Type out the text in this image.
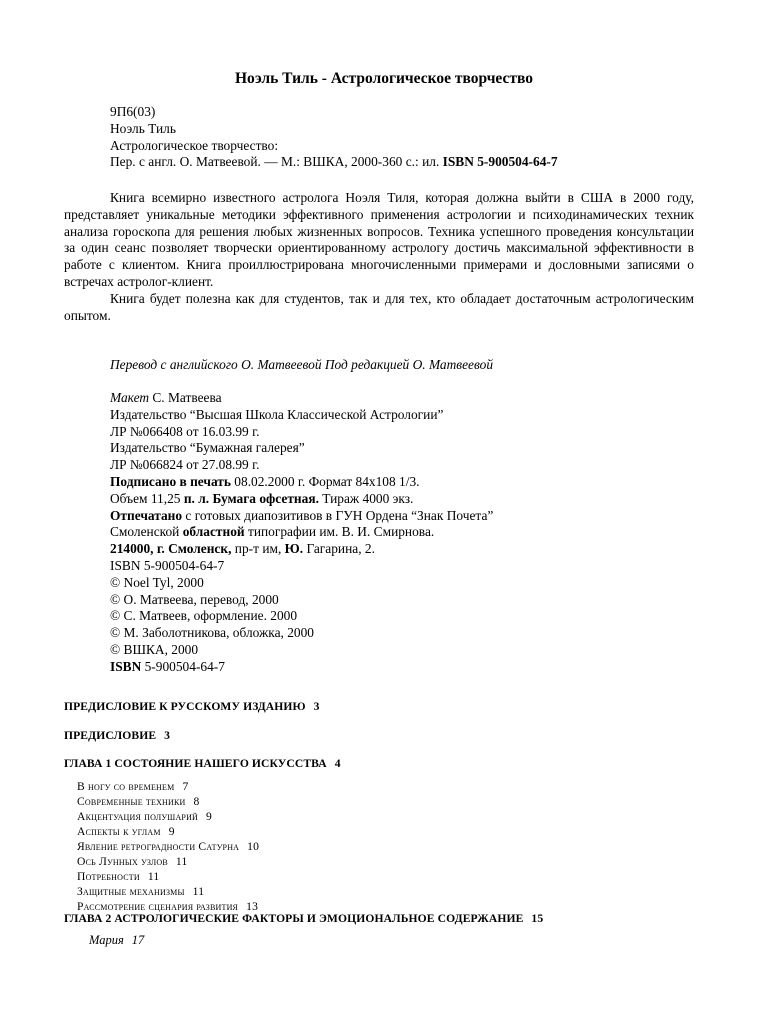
Ноэль Тиль - Астрологическое творчество
9П6(03)
Ноэль Тиль
Астрологическое творчество:
Пер. с англ. О. Матвеевой. — М.: ВШКА, 2000-360 с.: ил. ISBN 5-900504-64-7

Книга всемирно известного астролога Ноэля Тиля, которая должна выйти в США в 2000 году, представляет уникальные методики эффективного применения астрологии и психодинамических техник анализа гороскопа для решения любых жизненных вопросов. Техника успешного проведения консультации за один сеанс позволяет творчески ориентированному астрологу достичь максимальной эффективности в работе с клиентом. Книга проиллюстрирована многочисленными примерами и дословными записями о встречах астролог-клиент.

Книга будет полезна как для студентов, так и для тех, кто обладает достаточным астрологическим опытом.

Перевод с английского О. Матвеевой Под редакцией О. Матвеевой
Макет С. Матвеева
Издательство “Высшая Школа Классической Астрологии”
ЛР №066408 от 16.03.99 г.
Издательство “Бумажная галерея”
ЛР №066824 от 27.08.99 г.
Подписано в печать 08.02.2000 г. Формат 84x108 1/3.
Объем 11,25 п. л. Бумага офсетная. Тираж 4000 экз.
Отпечатано с готовых диапозитивов в ГУН Ордена “Знак Почета”
Смоленской областной типографии им. В. И. Смирнова.
214000, г. Смоленск, пр-т им, Ю. Гагарина, 2.
ISBN 5-900504-64-7
© Noel Tyl, 2000
© О. Матвеева, перевод, 2000
© С. Матвеев, оформление. 2000
© М. Заболотникова, обложка, 2000
© ВШКА, 2000
ISBN 5-900504-64-7
ПРЕДИСЛОВИЕ К РУССКОМУ ИЗДАНИЮ 3
ПРЕДИСЛОВИЕ 3
ГЛАВА 1 СОСТОЯНИЕ НАШЕГО ИСКУССТВА 4
В ногу со временем 7
Современные техники 8
Акцентуация полушарий 9
Аспекты к углам 9
Явление ретроградности Сатурна 10
Ось Лунных узлов 11
Потребности 11
Защитные механизмы 11
Рассмотрение сценария развития 13
ГЛАВА 2 АСТРОЛОГИЧЕСКИЕ ФАКТОРЫ И ЭМОЦИОНАЛЬНОЕ СОДЕРЖАНИЕ 15
Мария 17
